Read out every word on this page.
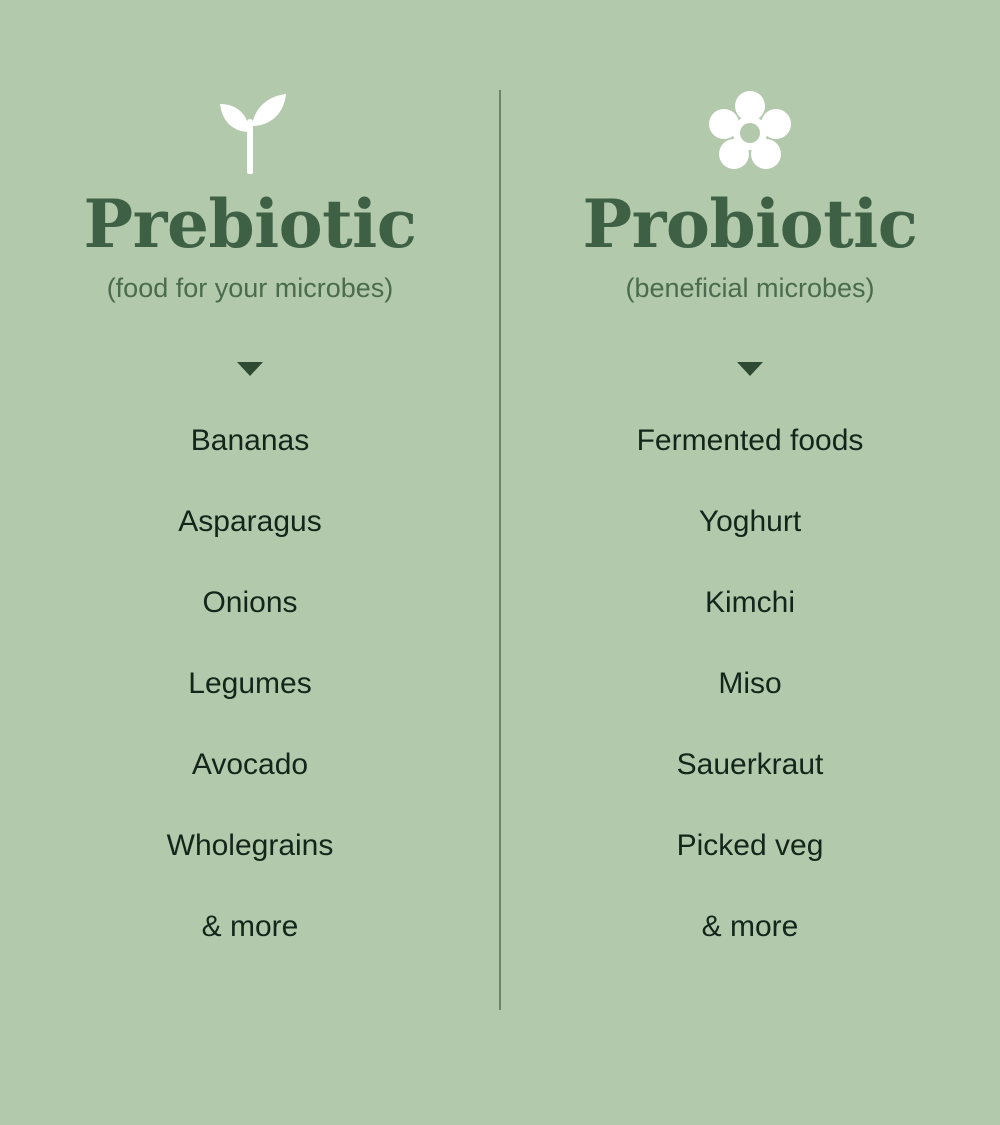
Prebiotic
(food for your microbes)
Bananas
Asparagus
Onions
Legumes
Avocado
Wholegrains
& more
Probiotic
(beneficial microbes)
Fermented foods
Yoghurt
Kimchi
Miso
Sauerkraut
Picked veg
& more
